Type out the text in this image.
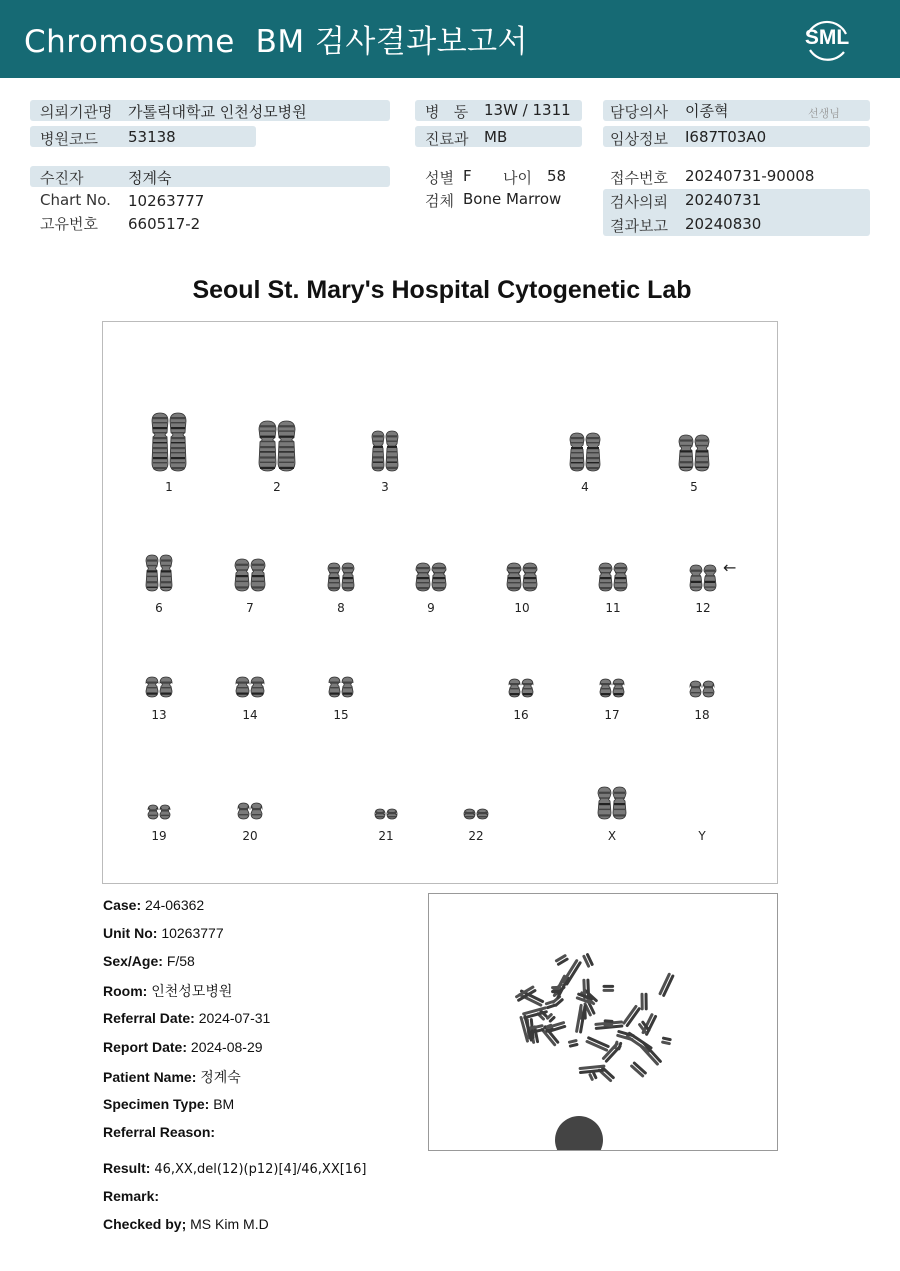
Chromosome  BM 검사결과보고서	SML
의뢰기관명 가톨릭대학교 인천성모병원
병원코드 53138
병   동 13W / 1311
진료과 MB
담당의사 이종혁	선생님
임상정보 I687T03A0
수진자	정계숙
Chart No. 10263777
고유번호 660517-2
성별 F 나이 58
검체 Bone Marrow
접수번호 20240731-90008
검사의뢰 20240731
결과보고 20240830
Seoul St. Mary's Hospital Cytogenetic Lab
←
1	2	3	4	5
6	7	8	9	10	11	12
13	14	15	16	17	18
19	20	21	22	X	Y
Case: 24-06362
Unit No: 10263777
Sex/Age: F/58
Room: 인천성모병원
Referral Date: 2024-07-31
Report Date: 2024-08-29
Patient Name: 정계숙
Specimen Type: BM
Referral Reason:
Result: 46,XX,del(12)(p12)[4]/46,XX[16]
Remark:
Checked by; MS Kim M.D
